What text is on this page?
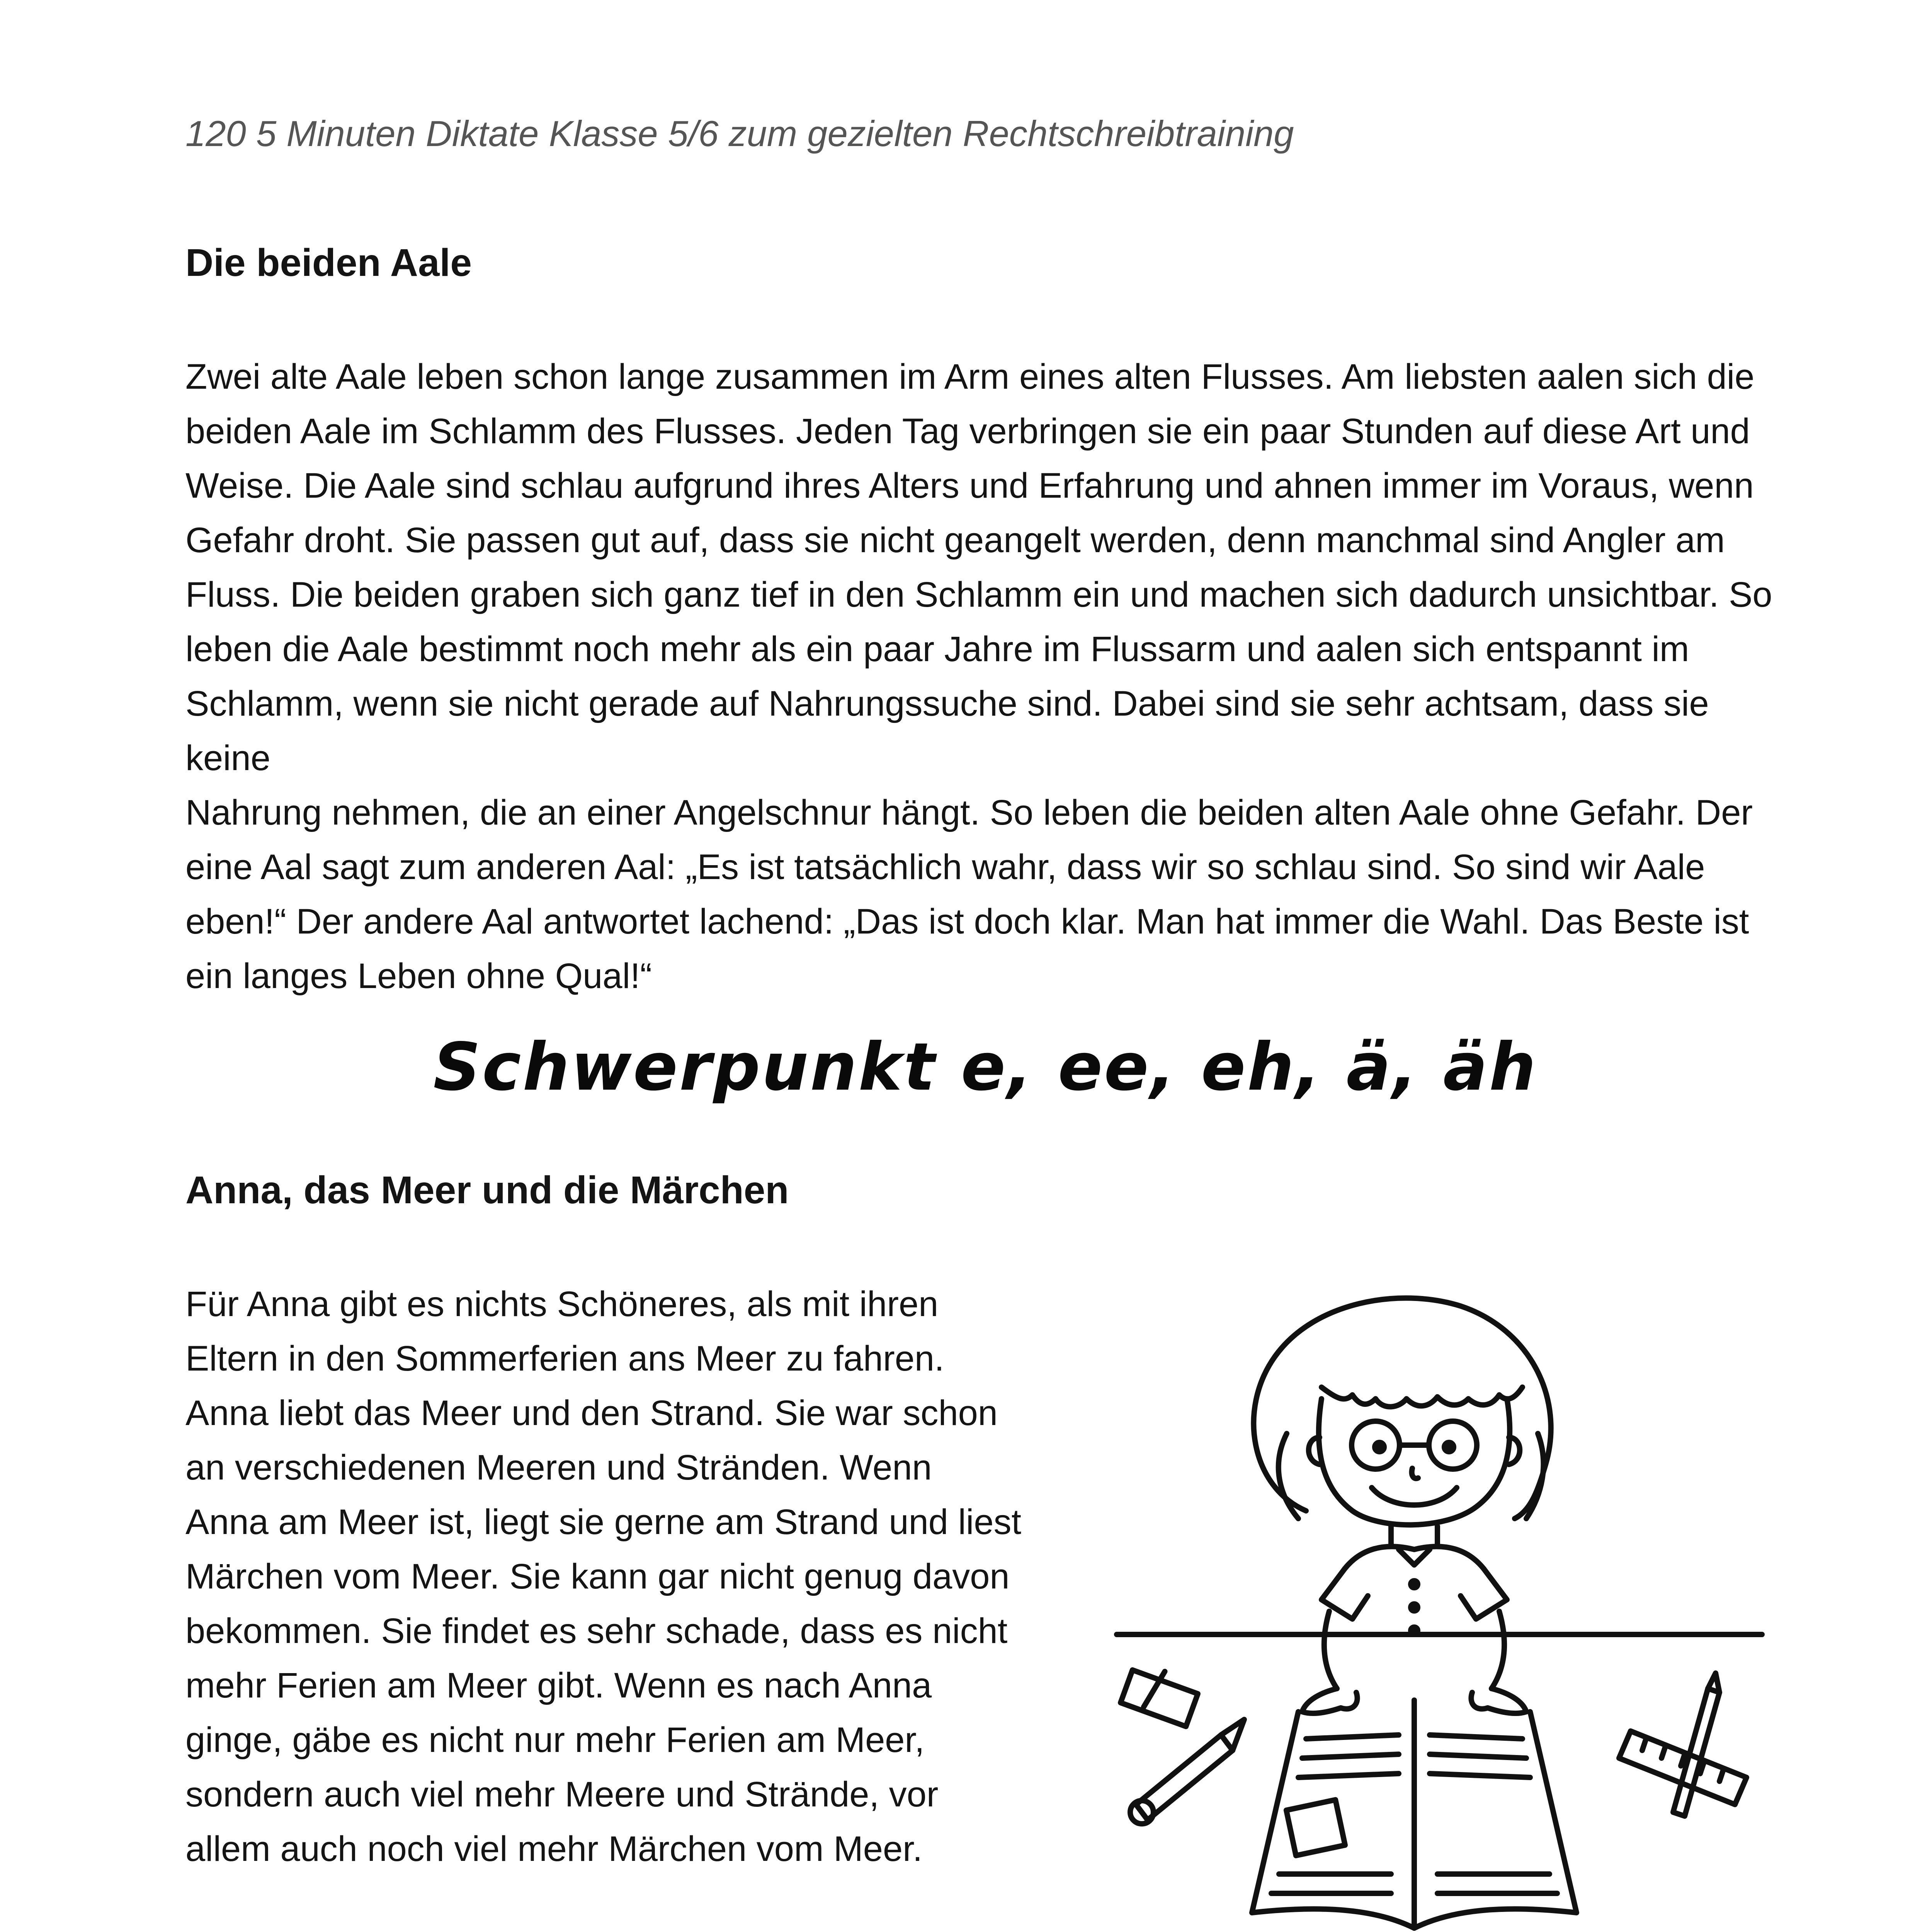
120 5 Minuten Diktate Klasse 5/6 zum gezielten Rechtschreibtraining
Die beiden Aale
Zwei alte Aale leben schon lange zusammen im Arm eines alten Flusses. Am liebsten aalen sich die
beiden Aale im Schlamm des Flusses. Jeden Tag verbringen sie ein paar Stunden auf diese Art und
Weise. Die Aale sind schlau aufgrund ihres Alters und Erfahrung und ahnen immer im Voraus, wenn
Gefahr droht. Sie passen gut auf, dass sie nicht geangelt werden, denn manchmal sind Angler am
Fluss. Die beiden graben sich ganz tief in den Schlamm ein und machen sich dadurch unsichtbar. So
leben die Aale bestimmt noch mehr als ein paar Jahre im Flussarm und aalen sich entspannt im
Schlamm, wenn sie nicht gerade auf Nahrungssuche sind. Dabei sind sie sehr achtsam, dass sie keine
Nahrung nehmen, die an einer Angelschnur hängt. So leben die beiden alten Aale ohne Gefahr. Der
eine Aal sagt zum anderen Aal: „Es ist tatsächlich wahr, dass wir so schlau sind. So sind wir Aale
eben!“ Der andere Aal antwortet lachend: „Das ist doch klar. Man hat immer die Wahl. Das Beste ist
ein langes Leben ohne Qual!“
Schwerpunkt e, ee, eh, ä, äh
Anna, das Meer und die Märchen
Für Anna gibt es nichts Schöneres, als mit ihren
Eltern in den Sommerferien ans Meer zu fahren.
Anna liebt das Meer und den Strand. Sie war schon
an verschiedenen Meeren und Stränden. Wenn
Anna am Meer ist, liegt sie gerne am Strand und liest
Märchen vom Meer. Sie kann gar nicht genug davon
bekommen. Sie findet es sehr schade, dass es nicht
mehr Ferien am Meer gibt. Wenn es nach Anna
ginge, gäbe es nicht nur mehr Ferien am Meer,
sondern auch viel mehr Meere und Strände, vor
allem auch noch viel mehr Märchen vom Meer.
